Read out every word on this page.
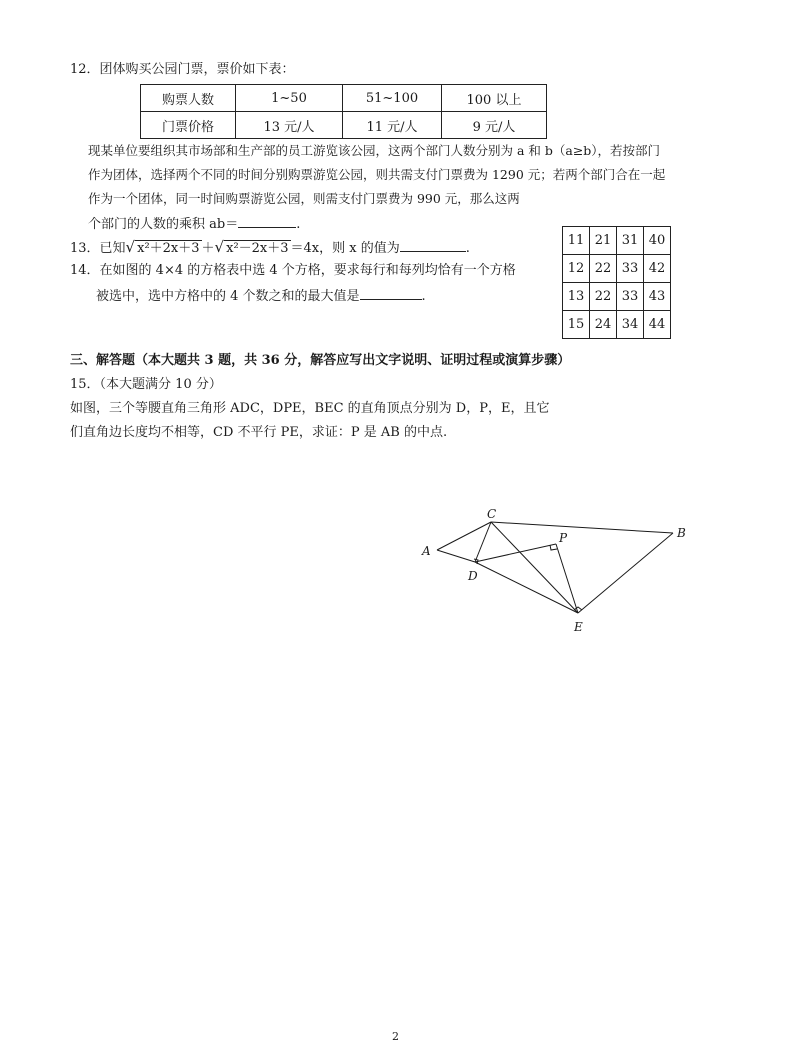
12．团体购买公园门票，票价如下表：
购票人数	1~50	51~100	100 以上
门票价格	13 元/人	11 元/人	9 元/人
现某单位要组织其市场部和生产部的员工游览该公园，这两个部门人数分别为 a 和 b（a≥b），若按部门
作为团体，选择两个不同的时间分别购票游览公园，则共需支付门票费为 1290 元；若两个部门合在一起
作为一个团体，同一时间购票游览公园，则需支付门票费为 990 元，那么这两
个部门的人数的乘积 ab＝	.
13．已知√ x²＋2x＋3 ＋√ x²－2x＋3 ＝4x，则 x 的值为	.
14．在如图的 4×4 的方格表中选 4 个方格，要求每行和每列均恰有一个方格
被选中，选中方格中的 4 个数之和的最大值是	.
11	21	31	40
12	22	33	42
13	22	33	43
15	24	34	44
三、解答题（本大题共 3 题，共 36 分，解答应写出文字说明、证明过程或演算步骤）
15．（本大题满分 10 分）
如图，三个等腰直角三角形 ADC，DPE，BEC 的直角顶点分别为 D，P，E，且它
们直角边长度均不相等，CD 不平行 PE，求证：P 是 AB 的中点.
A
C
B
D
P
E
2
